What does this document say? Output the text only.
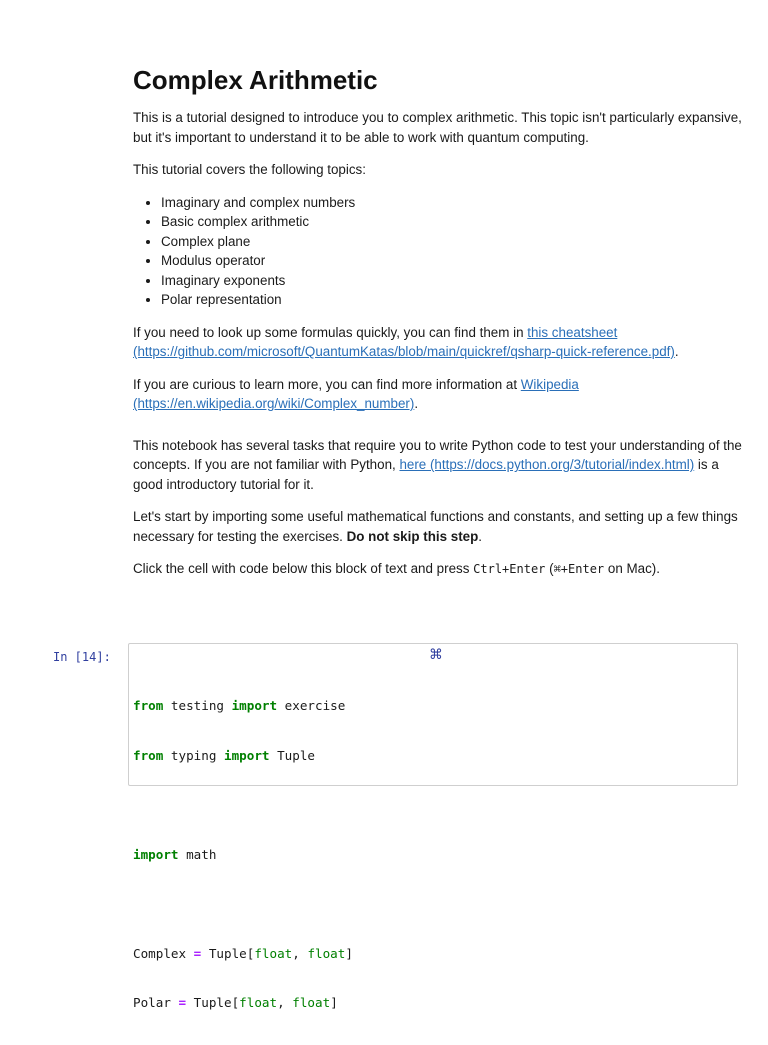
Complex Arithmetic

This is a tutorial designed to introduce you to complex arithmetic. This topic isn't particularly expansive, but it's important to understand it to be able to work with quantum computing.

This tutorial covers the following topics:

• Imaginary and complex numbers
• Basic complex arithmetic
• Complex plane
• Modulus operator
• Imaginary exponents
• Polar representation

If you need to look up some formulas quickly, you can find them in this cheatsheet (https://github.com/microsoft/QuantumKatas/blob/main/quickref/qsharp-quick-reference.pdf).

If you are curious to learn more, you can find more information at Wikipedia (https://en.wikipedia.org/wiki/Complex_number).

This notebook has several tasks that require you to write Python code to test your understanding of the concepts. If you are not familiar with Python, here (https://docs.python.org/3/tutorial/index.html) is a good introductory tutorial for it.

Let's start by importing some useful mathematical functions and constants, and setting up a few things necessary for testing the exercises. Do not skip this step.

Click the cell with code below this block of text and press Ctrl+Enter (⌘+Enter on Mac).

In [14]:	⌘

from testing import exercise

from typing import Tuple

import math

Complex = Tuple[float, float]

Polar = Tuple[float, float]
